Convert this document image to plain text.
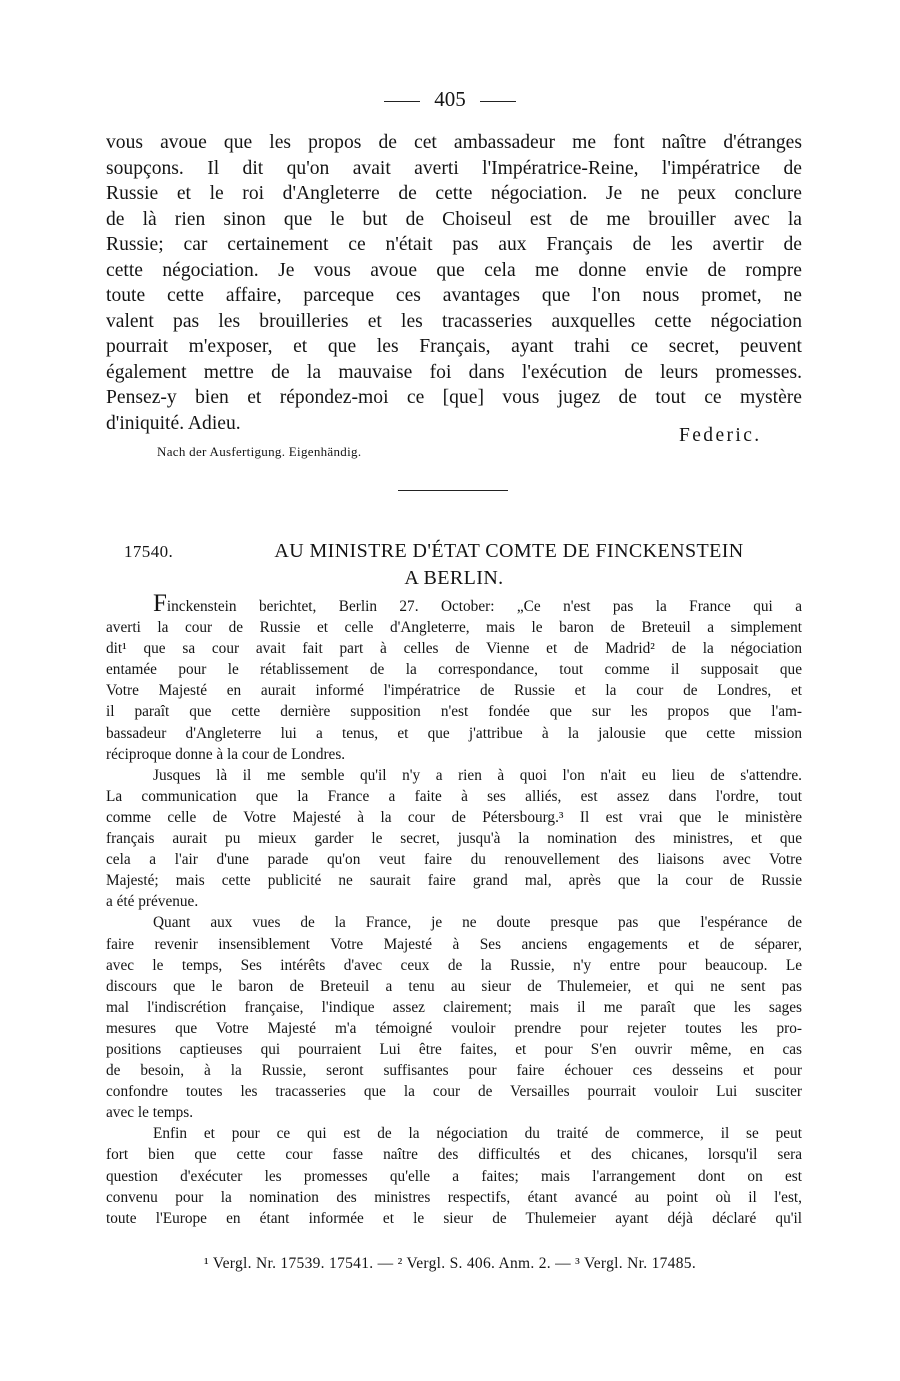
405

vous avoue que les propos de cet ambassadeur me font naître d'étranges

soupçons. Il dit qu'on avait averti l'Impératrice-Reine, l'impératrice de

Russie et le roi d'Angleterre de cette négociation. Je ne peux conclure

de là rien sinon que le but de Choiseul est de me brouiller avec la

Russie; car certainement ce n'était pas aux Français de les avertir de

cette négociation. Je vous avoue que cela me donne envie de rompre

toute cette affaire, parceque ces avantages que l'on nous promet, ne

valent pas les brouilleries et les tracasseries auxquelles cette négociation

pourrait m'exposer, et que les Français, ayant trahi ce secret, peuvent

également mettre de la mauvaise foi dans l'exécution de leurs promesses.

Pensez-y bien et répondez-moi ce [que] vous jugez de tout ce mystère

d'iniquité. Adieu.

Federic.
Nach der Ausfertigung. Eigenhändig.
17540.	AU MINISTRE D'ÉTAT COMTE DE FINCKENSTEIN
A BERLIN.

Finckenstein berichtet, Berlin 27. October: „Ce n'est pas la France qui a

averti la cour de Russie et celle d'Angleterre, mais le baron de Breteuil a simplement

dit¹ que sa cour avait fait part à celles de Vienne et de Madrid² de la négociation

entamée pour le rétablissement de la correspondance, tout comme il supposait que

Votre Majesté en aurait informé l'impératrice de Russie et la cour de Londres, et

il paraît que cette dernière supposition n'est fondée que sur les propos que l'am-

bassadeur d'Angleterre lui a tenus, et que j'attribue à la jalousie que cette mission

réciproque donne à la cour de Londres.

Jusques là il me semble qu'il n'y a rien à quoi l'on n'ait eu lieu de s'attendre.

La communication que la France a faite à ses alliés, est assez dans l'ordre, tout

comme celle de Votre Majesté à la cour de Pétersbourg.³ Il est vrai que le ministère

français aurait pu mieux garder le secret, jusqu'à la nomination des ministres, et que

cela a l'air d'une parade qu'on veut faire du renouvellement des liaisons avec Votre

Majesté; mais cette publicité ne saurait faire grand mal, après que la cour de Russie

a été prévenue.

Quant aux vues de la France, je ne doute presque pas que l'espérance de

faire revenir insensiblement Votre Majesté à Ses anciens engagements et de séparer,

avec le temps, Ses intérêts d'avec ceux de la Russie, n'y entre pour beaucoup. Le

discours que le baron de Breteuil a tenu au sieur de Thulemeier, et qui ne sent pas

mal l'indiscrétion française, l'indique assez clairement; mais il me paraît que les sages

mesures que Votre Majesté m'a témoigné vouloir prendre pour rejeter toutes les pro-

positions captieuses qui pourraient Lui être faites, et pour S'en ouvrir même, en cas

de besoin, à la Russie, seront suffisantes pour faire échouer ces desseins et pour

confondre toutes les tracasseries que la cour de Versailles pourrait vouloir Lui susciter

avec le temps.

Enfin et pour ce qui est de la négociation du traité de commerce, il se peut

fort bien que cette cour fasse naître des difficultés et des chicanes, lorsqu'il sera

question d'exécuter les promesses qu'elle a faites; mais l'arrangement dont on est

convenu pour la nomination des ministres respectifs, étant avancé au point où il l'est,

toute l'Europe en étant informée et le sieur de Thulemeier ayant déjà déclaré qu'il

¹ Vergl. Nr. 17539. 17541. — ² Vergl. S. 406. Anm. 2. — ³ Vergl. Nr. 17485.
